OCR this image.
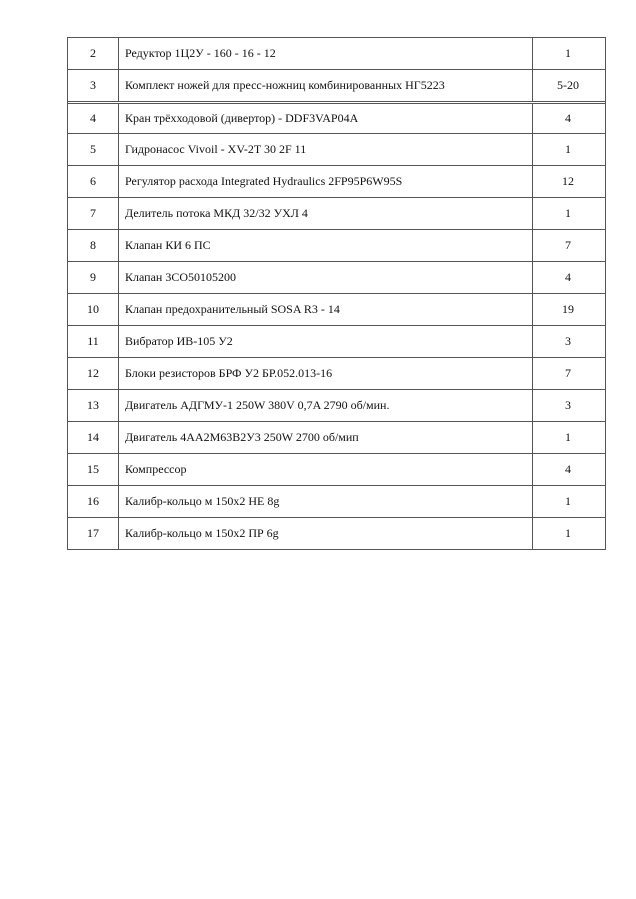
2	Редуктор 1Ц2У - 160 - 16 - 12	1
3	Комплект ножей для пресс-ножниц комбинированных НГ5223	5-20
4	Кран трёхходовой (дивертор) - DDF3VAP04A	4
5	Гидронасос Vivoil - XV-2T 30 2F 11	1
6	Регулятор расхода Integrated Hydraulics 2FP95P6W95S	12
7	Делитель потока МКД 32/32 УХЛ 4	1
8	Клапан КИ 6 ПС	7
9	Клапан 3СО50105200	4
10	Клапан предохранительный SOSA R3 - 14	19
11	Вибратор ИВ-105 У2	3
12	Блоки резисторов БРФ У2 БР.052.013-16	7
13	Двигатель АДГМУ-1 250W 380V 0,7A 2790 об/мин.	3
14	Двигатель 4АА2М63В2У3 250W 2700 об/мип	1
15	Компрессор	4
16	Калибр-кольцо м 150х2 НЕ 8g	1
17	Калибр-кольцо м 150х2 ПР 6g	1
